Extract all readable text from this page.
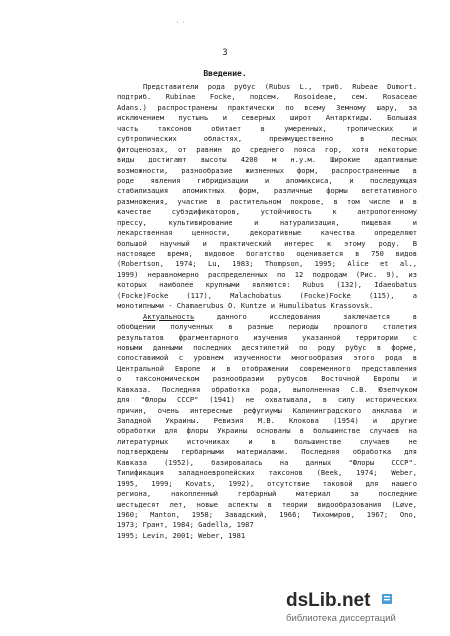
· ·
3
Введение.
Представители рода рубус (Rubus L., триб. Rubeae Dumort.
подтриб. Rubinae Focke, подсем. Rosoideae, сем. Rosaceae
Adans.) распространены практически по всему Земному шару, за
исключением пустынь и северных широт Антарктиды. Большая
часть таксонов обитает в умеренных, тропических и
субтропических областях, преимущественно в лесных
фитоценозах, от равнин до среднего пояса гор, хотя некоторые
виды достигают высоты 4200 м н.у.м. Широкие адаптивные
возможности, разнообразие жизненных форм, распространенные в
роде явления гибридизации и апомиксиса, и последующая
стабилизация апомиктных форм, различные формы вегетативного
размножения, участие в растительном покрове, в том числе и в
качестве субэдификаторов, устойчивость к антропогенному
прессу, культивирование и натурализация, пищевая и
лекарственная ценности, декоративные качества определяют
большой научный и практический интерес к этому роду. В
настоящее время, видовое богатство оценивается в 750 видов
(Robertson, 1974; Lu, 1983; Thompson, 1995; Alice et al.,
1999) неравномерно распределенных по 12 подродам (Рис. 9), из
которых наиболее крупными являются: Rubus (132), Idaeobatus
(Focke)Focke (117), Malachobatus (Focke)Focke (115), а
монотипными - Chamaerubus O. Kuntze и Humulibatus Krassovsk.
Актуальность данного исследования заключается в
обобщении полученных в разные периоды прошлого столетия
результатов фрагментарного изучения указанной территории с
новыми данными последних десятилетий по роду рубус в форме,
сопоставимой с уровнем изученности многообразия этого рода в
Центральной Европе и в отображении современного представления
о таксономическом разнообразии рубусов Восточной Европы и
Кавказа. Последняя обработка рода, выполненная С.В. Юзепчуком
для "Флоры СССР" (1941) не охватывала, в силу исторических
причин, очень интересные рефугиумы Калининградского анклава и
Западной Украины. Ревизия М.В. Клокова (1954) и другие
обработки для флоры Украины основаны в большинстве случаев на
литературных источниках и в большинстве случаев не
подтверждены гербарными материалами. Последняя обработка для
Кавказа (1952), базировалась на данных "Флоры СССР".
Типификация западноевропейских таксонов (Beek, 1974; Weber,
1995, 1999; Kovats, 1992), отсутствие таковой для нашего
региона, накопленный гербарный материал за последние
шестьдесят лет, новые аспекты в теории видообразования (Løve,
1960; Manton, 1958; Завадский, 1966; Тихомиров, 1967; Ono,
1973; Грант, 1984; Gadella, 1987
1995; Levin, 2001; Weber, 1981
dsLib.net
библиотека диссертаций
